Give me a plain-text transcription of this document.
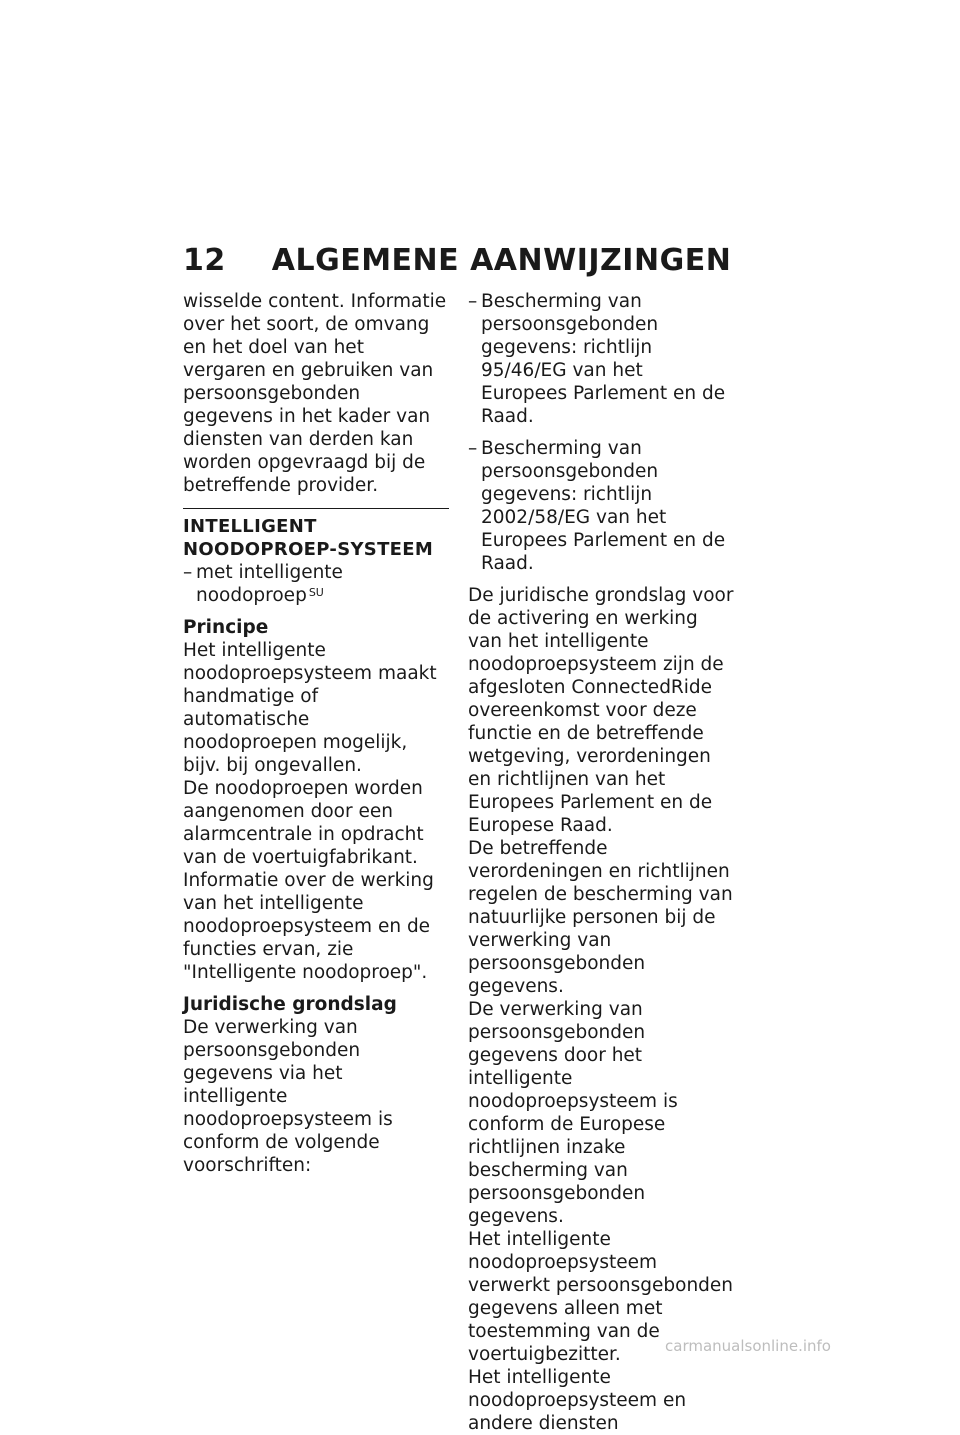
12 ALGEMENE AANWIJZINGEN

wisselde content. Informatie over het soort, de omvang en het doel van het vergaren en gebruiken van persoonsgebonden gegevens in het kader van diensten van derden kan worden opgevraagd bij de betreffende provider.

INTELLIGENT NOODOPROEP-SYSTEEM

– met intelligente noodoproep $^{SU}$

Principe

Het intelligente noodoproepsysteem maakt handmatige of automatische noodoproepen mogelijk, bijv. bij ongevallen.

De noodoproepen worden aangenomen door een alarmcentrale in opdracht van de voertuigfabrikant.

Informatie over de werking van het intelligente noodoproepsysteem en de functies ervan, zie "Intelligente noodoproep".

Juridische grondslag

De verwerking van persoonsgebonden gegevens via het intelligente noodoproepsysteem is conform de volgende voorschriften:

– Bescherming van persoonsgebonden gegevens: richtlijn 95/46/EG van het Europees Parlement en de Raad.
– Bescherming van persoonsgebonden gegevens: richtlijn 2002/58/EG van het Europees Parlement en de Raad.

De juridische grondslag voor de activering en werking van het intelligente noodoproepsysteem zijn de afgesloten ConnectedRide overeenkomst voor deze functie en de betreffende wetgeving, verordeningen en richtlijnen van het Europees Parlement en de Europese Raad.

De betreffende verordeningen en richtlijnen regelen de bescherming van natuurlijke personen bij de verwerking van persoonsgebonden gegevens.

De verwerking van persoonsgebonden gegevens door het intelligente noodoproepsysteem is conform de Europese richtlijnen inzake bescherming van persoonsgebonden gegevens.

Het intelligente noodoproepsysteem verwerkt persoonsgebonden gegevens alleen met toestemming van de voertuigbezitter.

Het intelligente noodoproepsysteem en andere diensten

carmanualsonline.info
